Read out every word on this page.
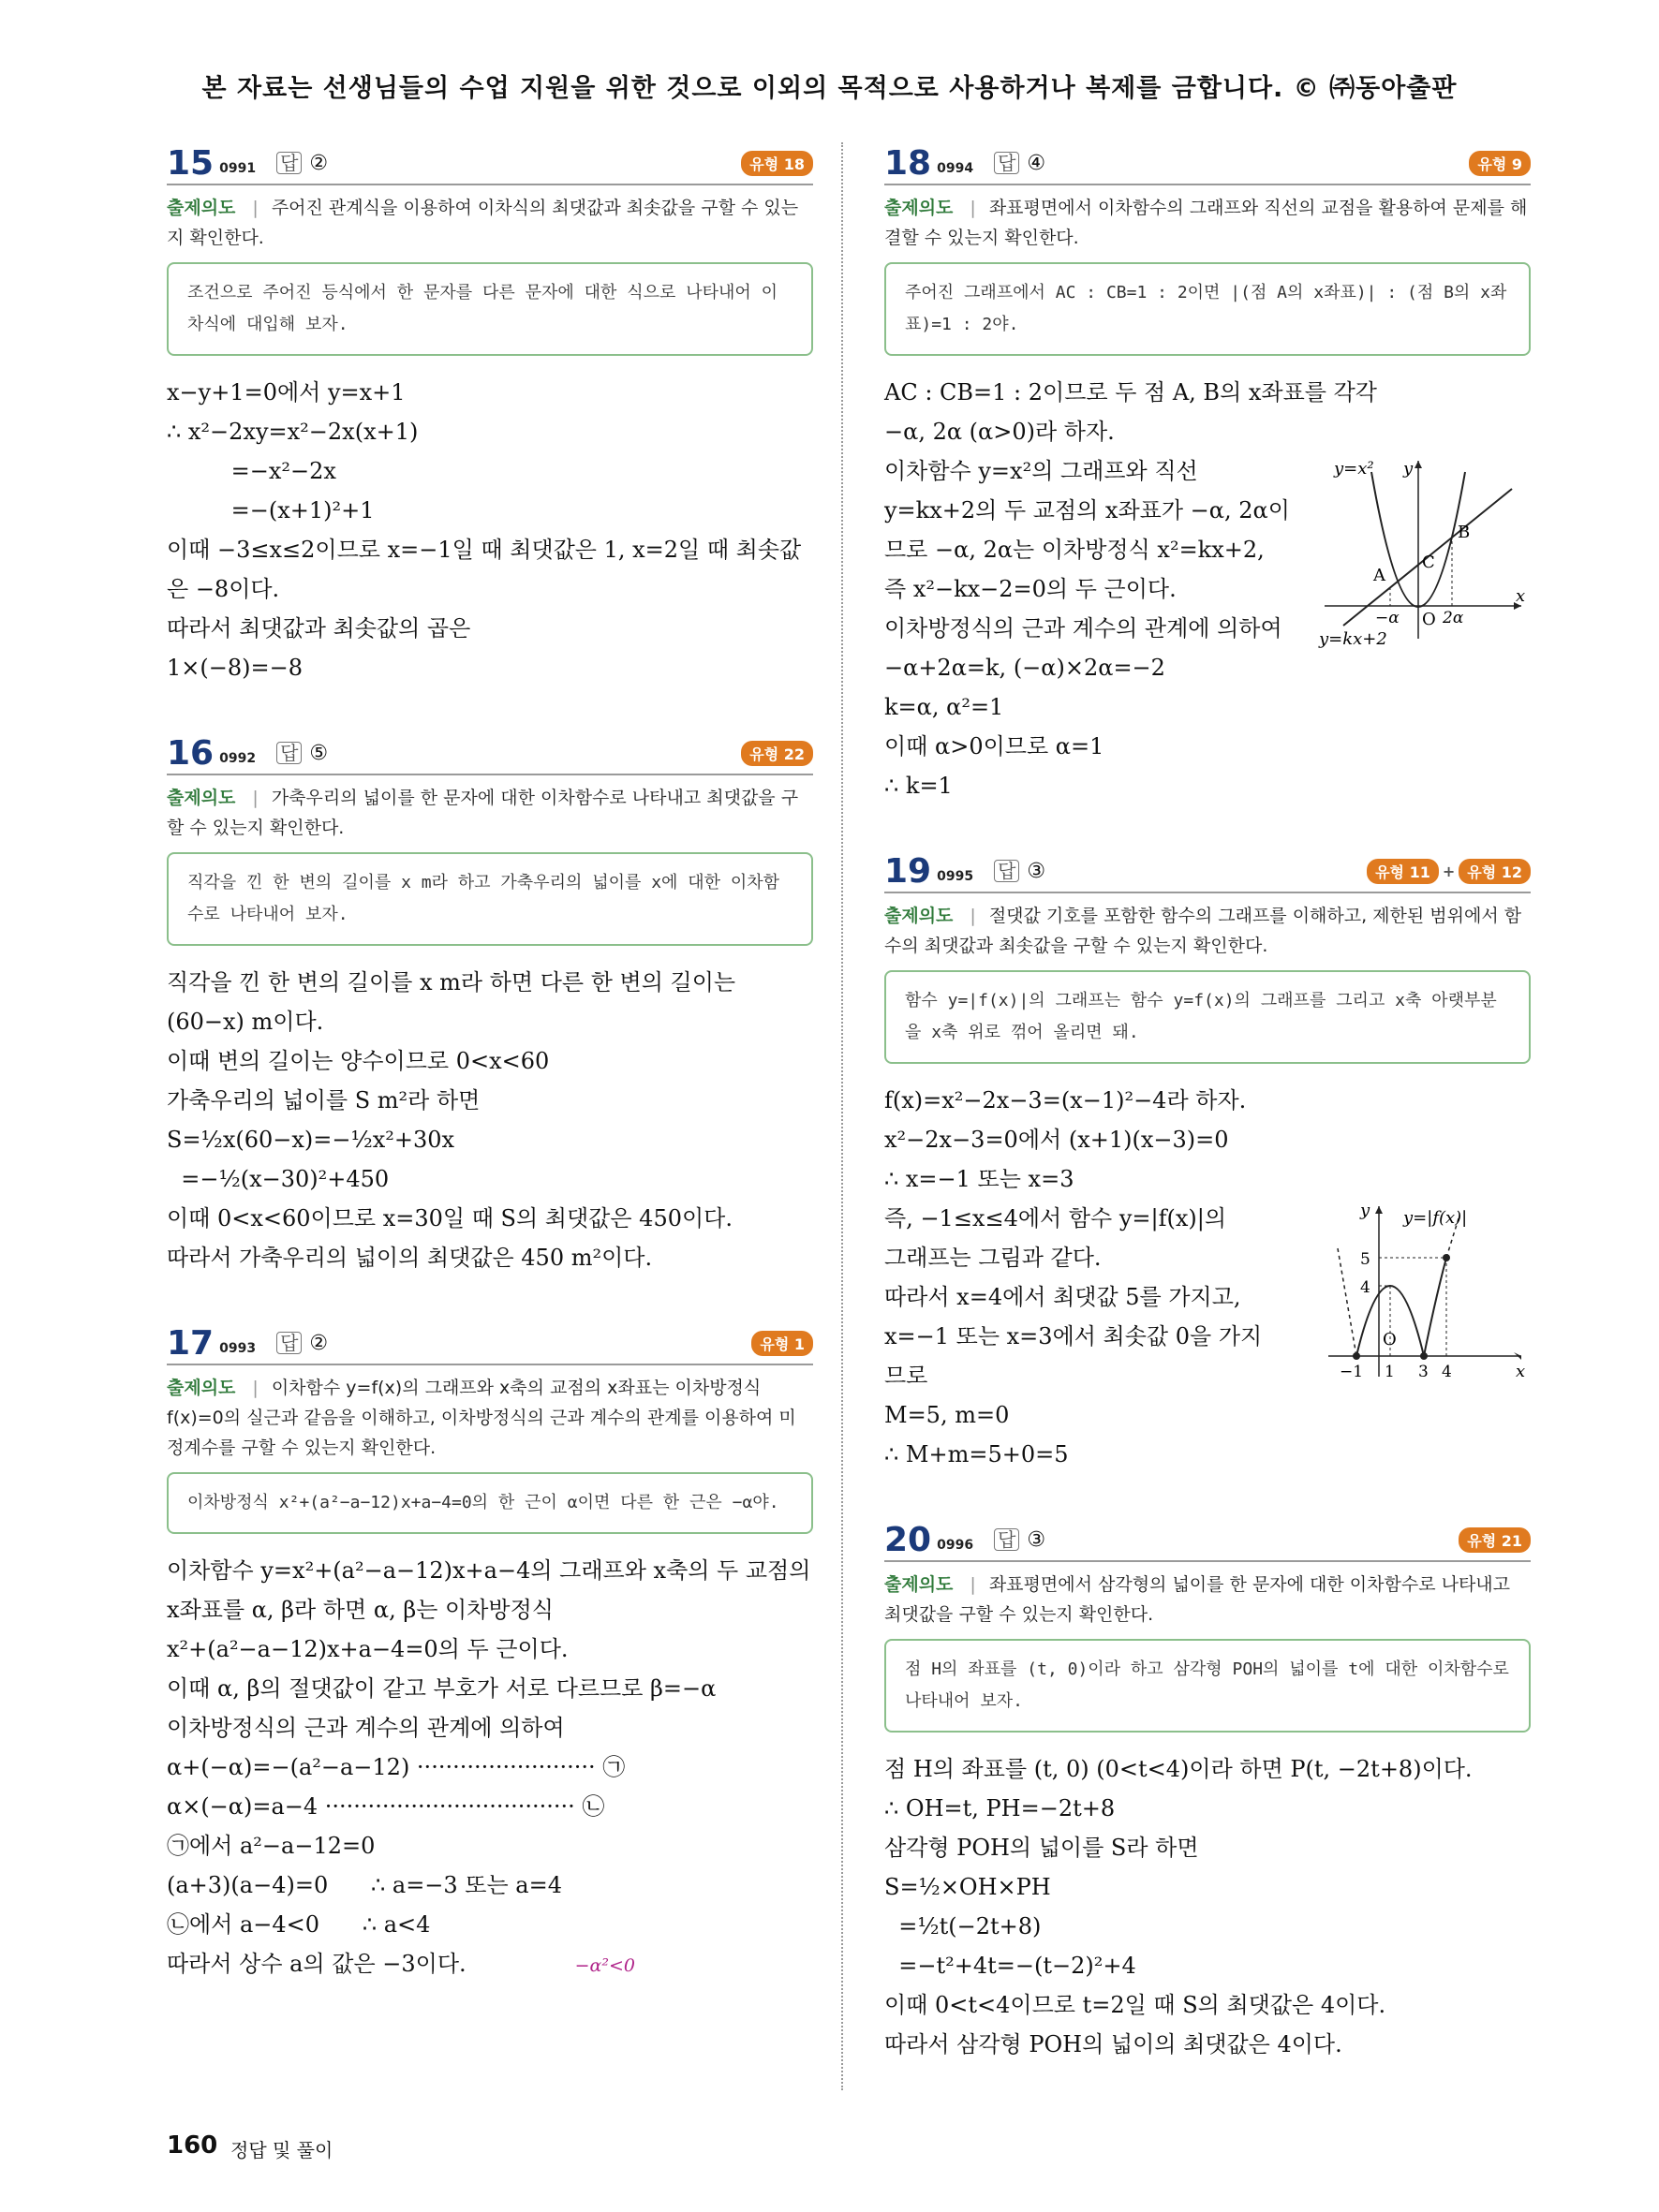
본 자료는 선생님들의 수업 지원을 위한 것으로 이외의 목적으로 사용하거나 복제를 금합니다. © ㈜동아출판
15 0991 답 ②	유형 18
출제의도 | 주어진 관계식을 이용하여 이차식의 최댓값과 최솟값을 구할 수 있는지 확인한다.
조건으로 주어진 등식에서 한 문자를 다른 문자에 대한 식으로 나타내어 이차식에 대입해 보자.

x−y+1=0에서 y=x+1

∴ x²−2xy=x²−2x(x+1)

=−x²−2x

=−(x+1)²+1

이때 −3≤x≤2이므로 x=−1일 때 최댓값은 1, x=2일 때 최솟값은 −8이다.

따라서 최댓값과 최솟값의 곱은

1×(−8)=−8

16 0992 답 ⑤	유형 22
출제의도 | 가축우리의 넓이를 한 문자에 대한 이차함수로 나타내고 최댓값을 구할 수 있는지 확인한다.
직각을 낀 한 변의 길이를 x m라 하고 가축우리의 넓이를 x에 대한 이차함수로 나타내어 보자.

직각을 낀 한 변의 길이를 x m라 하면 다른 한 변의 길이는

(60−x) m이다.

이때 변의 길이는 양수이므로 0<x<60

가축우리의 넓이를 S m²라 하면

S=½x(60−x)=−½x²+30x

=−½(x−30)²+450

이때 0<x<60이므로 x=30일 때 S의 최댓값은 450이다.

따라서 가축우리의 넓이의 최댓값은 450 m²이다.

17 0993 답 ②	유형 1
출제의도 | 이차함수 y=f(x)의 그래프와 x축의 교점의 x좌표는 이차방정식 f(x)=0의 실근과 같음을 이해하고, 이차방정식의 근과 계수의 관계를 이용하여 미정계수를 구할 수 있는지 확인한다.
이차방정식 x²+(a²−a−12)x+a−4=0의 한 근이 α이면 다른 한 근은 −α야.

이차함수 y=x²+(a²−a−12)x+a−4의 그래프와 x축의 두 교점의 x좌표를 α, β라 하면 α, β는 이차방정식

x²+(a²−a−12)x+a−4=0의 두 근이다.

이때 α, β의 절댓값이 같고 부호가 서로 다르므로 β=−α

이차방정식의 근과 계수의 관계에 의하여

α+(−α)=−(a²−a−12) ························· ㉠

α×(−α)=a−4 ··································· ㉡

㉠에서 a²−a−12=0

(a+3)(a−4)=0      ∴ a=−3 또는 a=4

㉡에서 a−4<0      ∴ a<4

따라서 상수 a의 값은 −3이다.	−α²<0
18 0994 답 ④	유형 9
출제의도 | 좌표평면에서 이차함수의 그래프와 직선의 교점을 활용하여 문제를 해결할 수 있는지 확인한다.
주어진 그래프에서 AC : CB=1 : 2이면 |(점 A의 x좌표)| : (점 B의 x좌표)=1 : 2야.

AC : CB=1 : 2이므로 두 점 A, B의 x좌표를 각각

−α, 2α (α>0)라 하자.

이차함수 y=x²의 그래프와 직선

y=kx+2의 두 교점의 x좌표가 −α, 2α이

므로 −α, 2α는 이차방정식 x²=kx+2,

즉 x²−kx−2=0의 두 근이다.

이차방정식의 근과 계수의 관계에 의하여

−α+2α=k, (−α)×2α=−2

k=α, α²=1

이때 α>0이므로 α=1

∴ k=1

y=x² y
x
A
B
C
O
−α	2α
y=kx+2
19 0995 답 ③	유형 11 + 유형 12
출제의도 | 절댓값 기호를 포함한 함수의 그래프를 이해하고, 제한된 범위에서 함수의 최댓값과 최솟값을 구할 수 있는지 확인한다.
함수 y=|f(x)|의 그래프는 함수 y=f(x)의 그래프를 그리고 x축 아랫부분을 x축 위로 꺾어 올리면 돼.

f(x)=x²−2x−3=(x−1)²−4라 하자.

x²−2x−3=0에서 (x+1)(x−3)=0

∴ x=−1 또는 x=3

즉, −1≤x≤4에서 함수 y=|f(x)|의

그래프는 그림과 같다.

따라서 x=4에서 최댓값 5를 가지고,

x=−1 또는 x=3에서 최솟값 0을 가지

므로

M=5, m=0

∴ M+m=5+0=5

y y=|f(x)|
x
O
5
4
−1 1 3 4
20 0996 답 ③	유형 21
출제의도 | 좌표평면에서 삼각형의 넓이를 한 문자에 대한 이차함수로 나타내고 최댓값을 구할 수 있는지 확인한다.
점 H의 좌표를 (t, 0)이라 하고 삼각형 POH의 넓이를 t에 대한 이차함수로 나타내어 보자.

점 H의 좌표를 (t, 0) (0<t<4)이라 하면 P(t, −2t+8)이다.

∴ OH=t, PH=−2t+8

삼각형 POH의 넓이를 S라 하면

S=½×OH×PH

=½t(−2t+8)

=−t²+4t=−(t−2)²+4

이때 0<t<4이므로 t=2일 때 S의 최댓값은 4이다.

따라서 삼각형 POH의 넓이의 최댓값은 4이다.

160 정답 및 풀이
